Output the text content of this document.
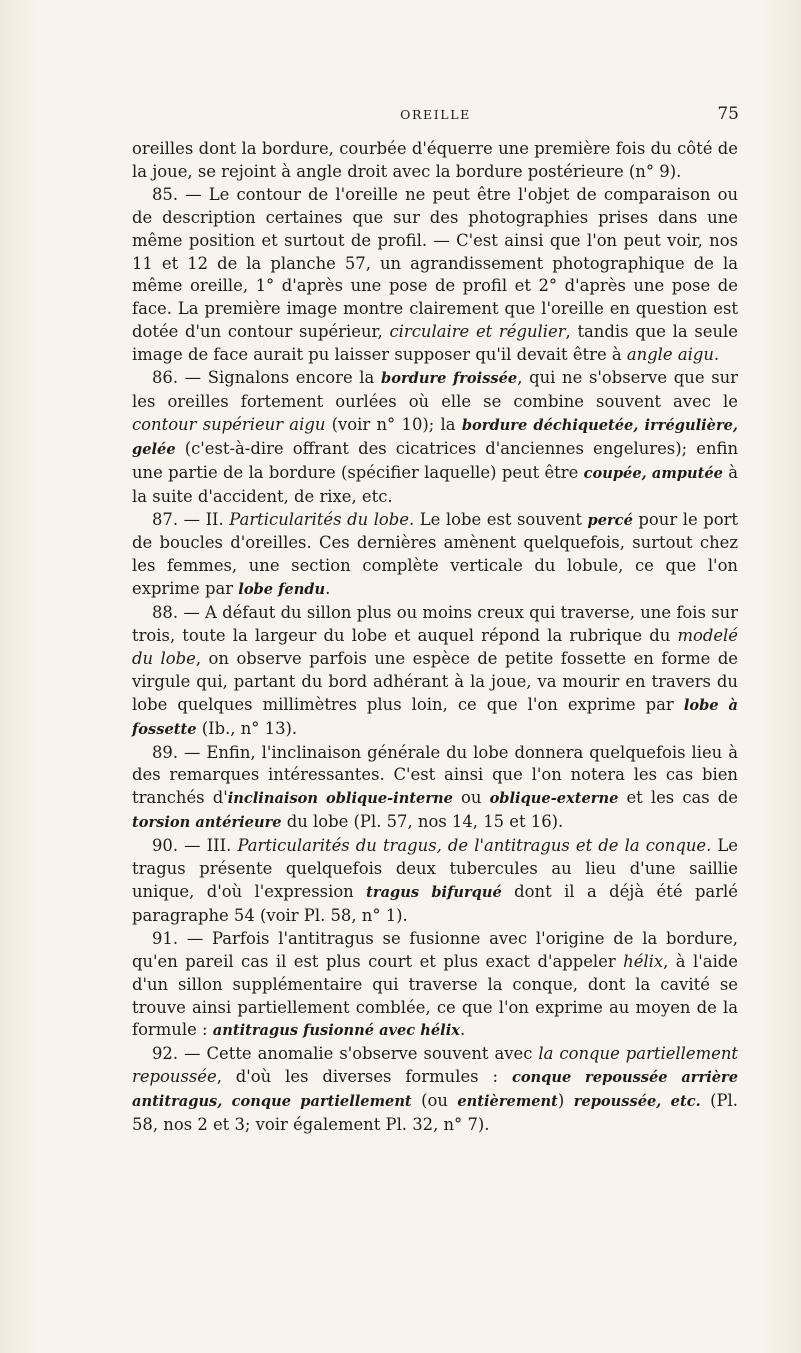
OREILLE	75

oreilles dont la bordure, courbée d'équerre une première fois du côté de la joue, se rejoint à angle droit avec la bordure postérieure (n° 9).

85. — Le contour de l'oreille ne peut être l'objet de comparaison ou de description certaines que sur des photographies prises dans une même position et surtout de profil. — C'est ainsi que l'on peut voir, nos 11 et 12 de la planche 57, un agrandissement photographique de la même oreille, 1° d'après une pose de profil et 2° d'après une pose de face. La première image montre clairement que l'oreille en question est dotée d'un contour supérieur, circulaire et régulier, tandis que la seule image de face aurait pu laisser supposer qu'il devait être à angle aigu.

86. — Signalons encore la bordure froissée, qui ne s'observe que sur les oreilles fortement ourlées où elle se combine souvent avec le contour supérieur aigu (voir n° 10); la bordure déchiquetée, irrégulière, gelée (c'est-à-dire offrant des cicatrices d'anciennes engelures); enfin une partie de la bordure (spécifier laquelle) peut être coupée, amputée à la suite d'accident, de rixe, etc.

87. — II. Particularités du lobe. Le lobe est souvent percé pour le port de boucles d'oreilles. Ces dernières amènent quelquefois, surtout chez les femmes, une section complète verticale du lobule, ce que l'on exprime par lobe fendu.

88. — A défaut du sillon plus ou moins creux qui traverse, une fois sur trois, toute la largeur du lobe et auquel répond la rubrique du modelé du lobe, on observe parfois une espèce de petite fossette en forme de virgule qui, partant du bord adhérant à la joue, va mourir en travers du lobe quelques millimètres plus loin, ce que l'on exprime par lobe à fossette (Ib., n° 13).

89. — Enfin, l'inclinaison générale du lobe donnera quelquefois lieu à des remarques intéressantes. C'est ainsi que l'on notera les cas bien tranchés d'inclinaison oblique-interne ou oblique-externe et les cas de torsion antérieure du lobe (Pl. 57, nos 14, 15 et 16).

90. — III. Particularités du tragus, de l'antitragus et de la conque. Le tragus présente quelquefois deux tubercules au lieu d'une saillie unique, d'où l'expression tragus bifurqué dont il a déjà été parlé paragraphe 54 (voir Pl. 58, n° 1).

91. — Parfois l'antitragus se fusionne avec l'origine de la bordure, qu'en pareil cas il est plus court et plus exact d'appeler hélix, à l'aide d'un sillon supplémentaire qui traverse la conque, dont la cavité se trouve ainsi partiellement comblée, ce que l'on exprime au moyen de la formule : antitragus fusionné avec hélix.

92. — Cette anomalie s'observe souvent avec la conque partiellement repoussée, d'où les diverses formules : conque repoussée arrière antitragus, conque partiellement (ou entièrement) repoussée, etc. (Pl. 58, nos 2 et 3; voir également Pl. 32, n° 7).
